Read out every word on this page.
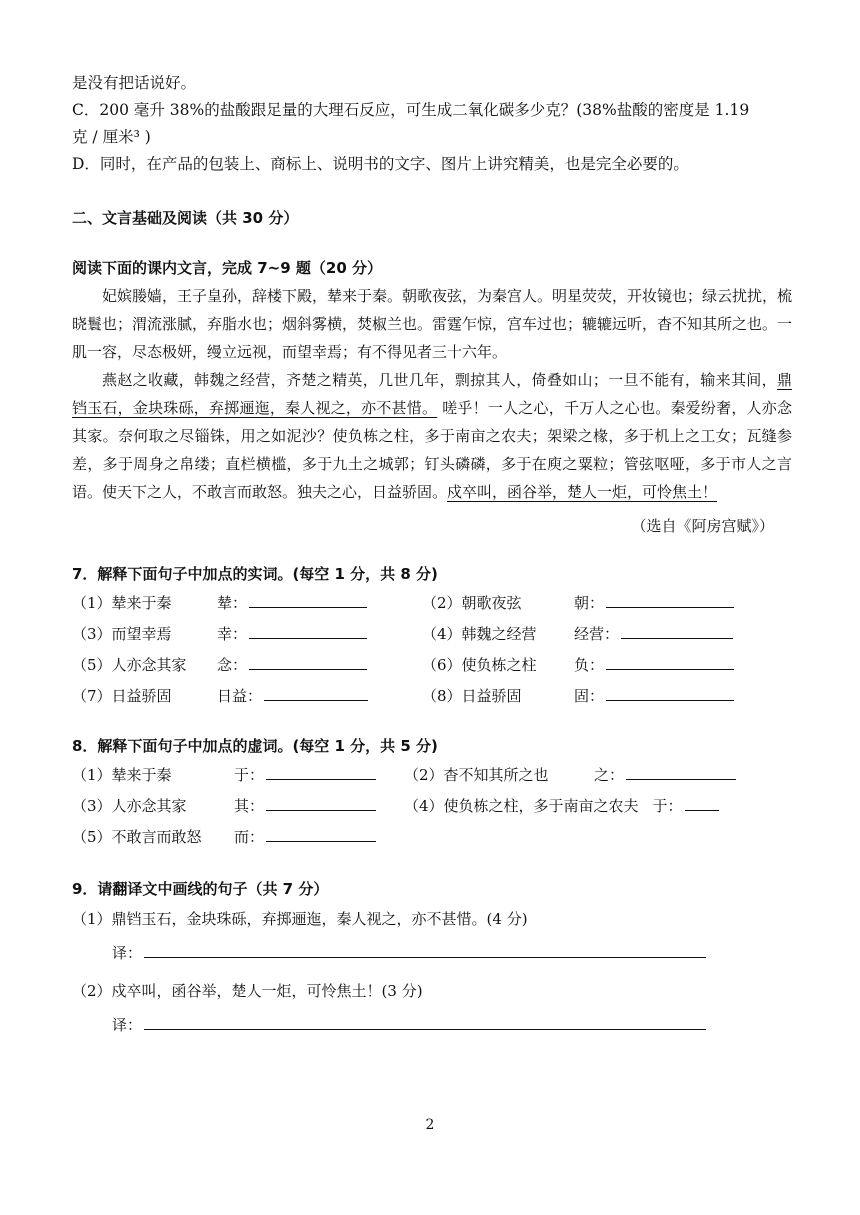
是没有把话说好。
C．200 毫升 38%的盐酸跟足量的大理石反应，可生成二氧化碳多少克？(38%盐酸的密度是 1.19
克 / 厘米³ )
D．同时，在产品的包装上、商标上、说明书的文字、图片上讲究精美，也是完全必要的。
二、文言基础及阅读（共 30 分）
阅读下面的课内文言，完成 7~9 题（20 分）
妃嫔媵嫱，王子皇孙，辞楼下殿，辇来于秦。朝歌夜弦，为秦宫人。明星荧荧，开妆镜也；绿云扰扰，梳晓鬟也；渭流涨腻，弃脂水也；烟斜雾横，焚椒兰也。雷霆乍惊，宫车过也；辘辘远听，杳不知其所之也。一肌一容，尽态极妍，缦立远视，而望幸焉；有不得见者三十六年。
燕赵之收藏，韩魏之经营，齐楚之精英，几世几年，剽掠其人，倚叠如山；一旦不能有，输来其间，鼎铛玉石，金块珠砾，弃掷逦迤，秦人视之，亦不甚惜。 嗟乎！一人之心，千万人之心也。秦爱纷奢，人亦念其家。奈何取之尽锱铢，用之如泥沙？使负栋之柱，多于南亩之农夫；架梁之椽，多于机上之工女；瓦缝参差，多于周身之帛缕；直栏横槛，多于九土之城郭；钉头磷磷，多于在庾之粟粒；管弦呕哑，多于市人之言语。使天下之人，不敢言而敢怒。独夫之心，日益骄固。戍卒叫，函谷举，楚人一炬，可怜焦土！
（选自《阿房宫赋》）
7．解释下面句子中加点的实词。(每空 1 分，共 8 分)
（1）辇来于秦	辇：	（2）朝歌夜弦	朝：
（3）而望幸焉	幸：	（4）韩魏之经营	经营：
（5）人亦念其家	念：	（6）使负栋之柱	负：
（7）日益骄固	日益：	（8）日益骄固	固：
8．解释下面句子中加点的虚词。(每空 1 分，共 5 分)
（1）辇来于秦	于：	（2）杳不知其所之也	之：
（3）人亦念其家	其：	（4）使负栋之柱，多于南亩之农夫 于：
（5）不敢言而敢怒	而：
9．请翻译文中画线的句子（共 7 分）
（1）鼎铛玉石，金块珠砾，弃掷逦迤，秦人视之，亦不甚惜。(4 分)
译：
（2）戍卒叫，函谷举，楚人一炬，可怜焦土！(3 分)
译：
2
